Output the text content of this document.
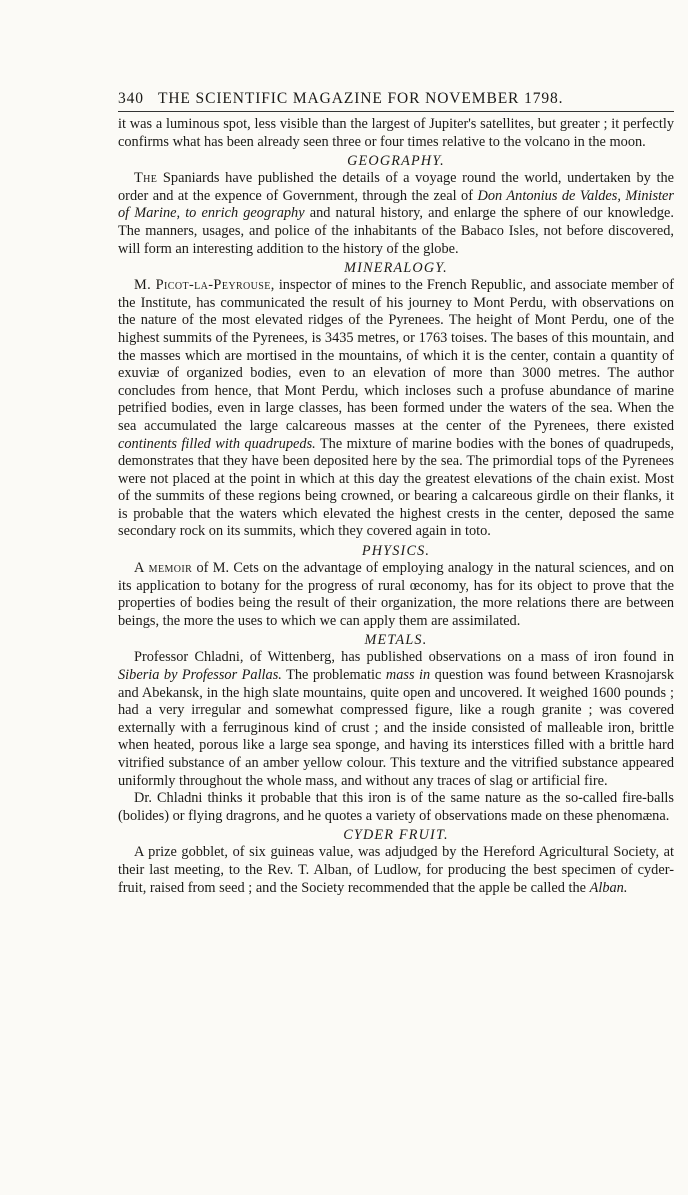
340 THE SCIENTIFIC MAGAZINE FOR NOVEMBER 1798.

it was a luminous spot, less visible than the largest of Jupiter's satellites, but greater ; it perfectly confirms what has been already seen three or four times relative to the volcano in the moon.

GEOGRAPHY.

The Spaniards have published the details of a voyage round the world, undertaken by the order and at the expence of Government, through the zeal of Don Antonius de Valdes, Minister of Marine, to enrich geography and natural history, and enlarge the sphere of our knowledge. The manners, usages, and police of the inhabitants of the Babaco Isles, not before discovered, will form an interesting addition to the history of the globe.

MINERALOGY.

M. Picot-la-Peyrouse, inspector of mines to the French Republic, and associate member of the Institute, has communicated the result of his journey to Mont Perdu, with observations on the nature of the most elevated ridges of the Pyrenees. The height of Mont Perdu, one of the highest summits of the Pyrenees, is 3435 metres, or 1763 toises. The bases of this mountain, and the masses which are mortised in the mountains, of which it is the center, contain a quantity of exuviæ of organized bodies, even to an elevation of more than 3000 metres. The author concludes from hence, that Mont Perdu, which incloses such a profuse abundance of marine petrified bodies, even in large classes, has been formed under the waters of the sea. When the sea accumulated the large calcareous masses at the center of the Pyrenees, there existed continents filled with quadrupeds. The mixture of marine bodies with the bones of quadrupeds, demonstrates that they have been deposited here by the sea. The primordial tops of the Pyrenees were not placed at the point in which at this day the greatest elevations of the chain exist. Most of the summits of these regions being crowned, or bearing a calcareous girdle on their flanks, it is probable that the waters which elevated the highest crests in the center, deposed the same secondary rock on its summits, which they covered again in toto.

PHYSICS.

A memoir of M. Cets on the advantage of employing analogy in the natural sciences, and on its application to botany for the progress of rural œconomy, has for its object to prove that the properties of bodies being the result of their organization, the more relations there are between beings, the more the uses to which we can apply them are assimilated.

METALS.

Professor Chladni, of Wittenberg, has published observations on a mass of iron found in Siberia by Professor Pallas. The problematic mass in question was found between Krasnojarsk and Abekansk, in the high slate mountains, quite open and uncovered. It weighed 1600 pounds ; had a very irregular and somewhat compressed figure, like a rough granite ; was covered externally with a ferruginous kind of crust ; and the inside consisted of malleable iron, brittle when heated, porous like a large sea sponge, and having its interstices filled with a brittle hard vitrified substance of an amber yellow colour. This texture and the vitrified substance appeared uniformly throughout the whole mass, and without any traces of slag or artificial fire.

Dr. Chladni thinks it probable that this iron is of the same nature as the so-called fire-balls (bolides) or flying dragrons, and he quotes a variety of observations made on these phenomæna.

CYDER FRUIT.

A prize gobblet, of six guineas value, was adjudged by the Hereford Agricultural Society, at their last meeting, to the Rev. T. Alban, of Ludlow, for producing the best specimen of cyder-fruit, raised from seed ; and the Society recommended that the apple be called the Alban.
